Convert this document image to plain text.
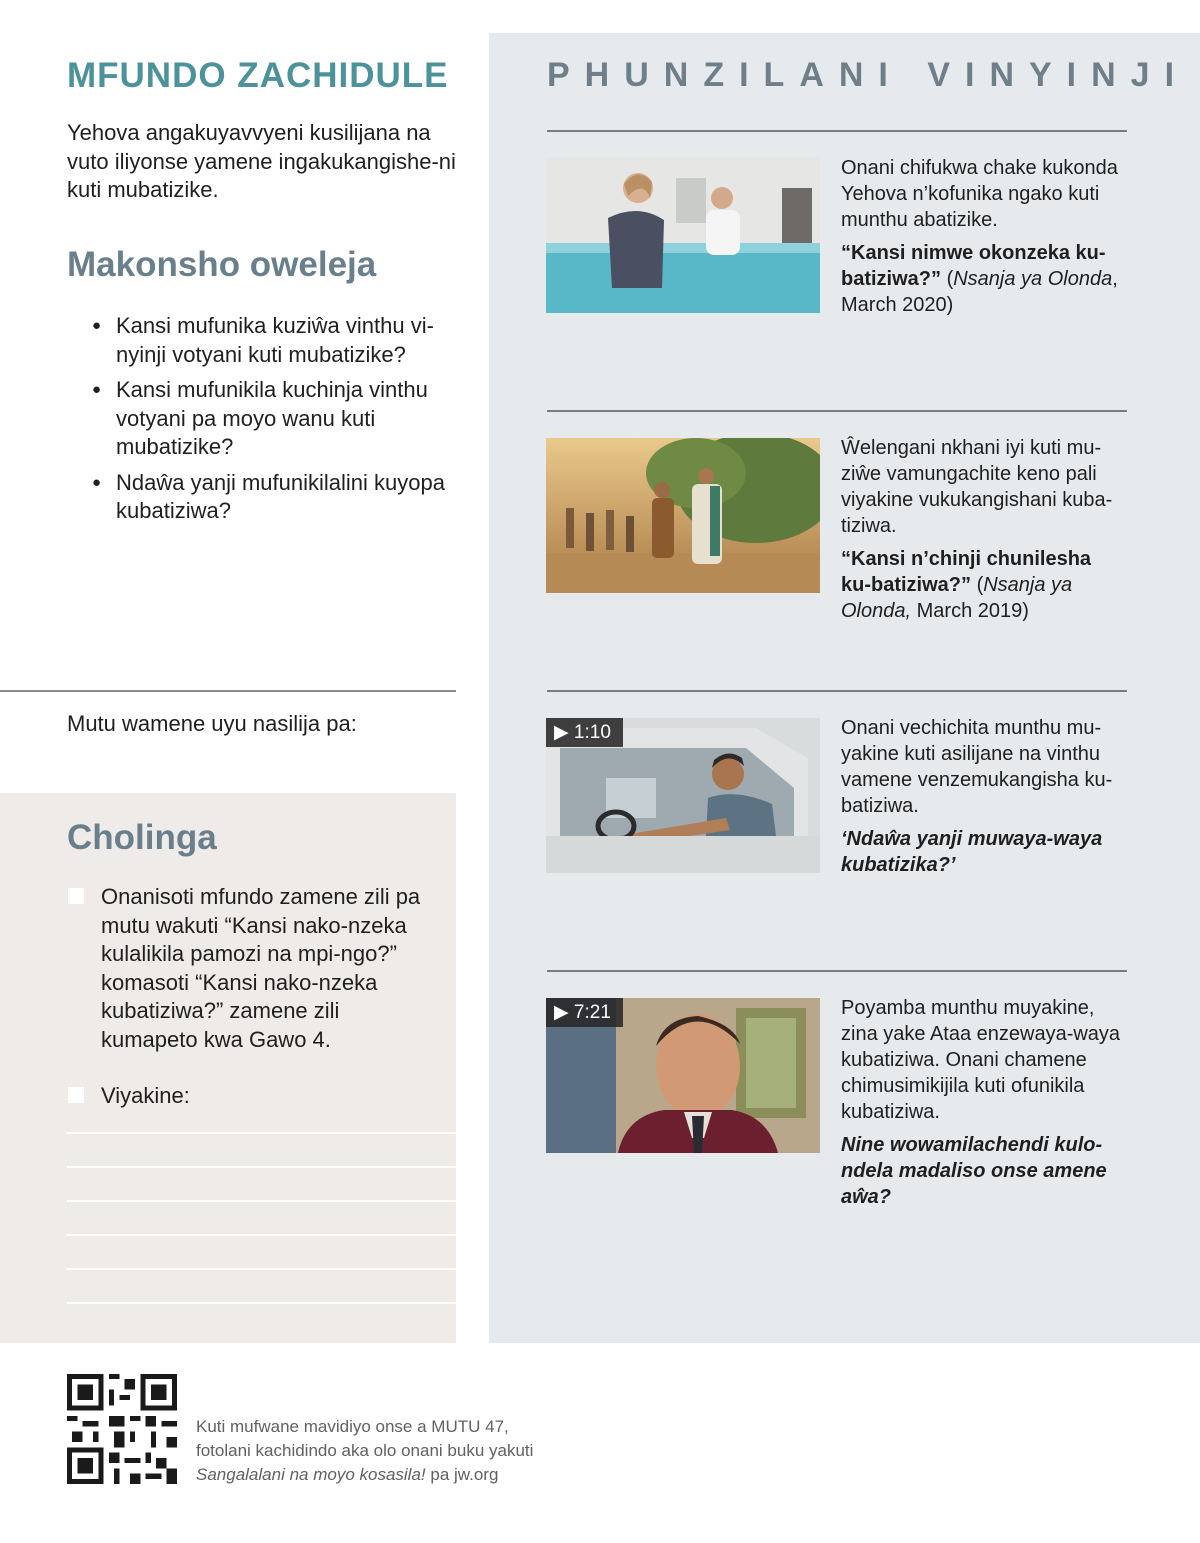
MFUNDO ZACHIDULE

Yehova angakuyavvyeni kusilijana na vuto iliyonse yamene ingakukangishe-ni kuti mubatizike.

Makonsho oweleja
● Kansi mufunika kuziŵa vinthu vi-nyinji votyani kuti mubatizike?
● Kansi mufunikila kuchinja vinthu votyani pa moyo wanu kuti mubatizike?
● Ndaŵa yanji mufunikilalini kuyopa kubatiziwa?

Mutu wamene uyu nasilija pa:

Cholinga
Onanisoti mfundo zamene zili pa mutu wakuti “Kansi nako-nzeka kulalikila pamozi na mpi-ngo?” komasoti “Kansi nako-nzeka kubatiziwa?” zamene zili kumapeto kwa Gawo 4.
Viyakine:
PHUNZILANI VINYINJI

Onani chifukwa chake kukonda Yehova n’kofunika ngako kuti munthu abatizike.

“Kansi nimwe okonzeka ku-batiziwa?” (Nsanja ya Olonda, March 2020)

Ŵelengani nkhani iyi kuti mu-ziŵe vamungachite keno pali viyakine vukukangishani kuba-tiziwa.

“Kansi n’chinji chunilesha ku-batiziwa?” (Nsanja ya Olonda, March 2019)

▶ 1:10	Onani vechichita munthu mu-yakine kuti asilijane na vinthu vamene venzemukangisha ku-batiziwa.

‘Ndaŵa yanji muwaya-waya kubatizika?’

▶ 7:21	Poyamba munthu muyakine, zina yake Ataa enzewaya-waya kubatiziwa. Onani chamene chimusimikijila kuti ofunikila kubatiziwa.

Nine wowamilachendi kulo-ndela madaliso onse amene aŵa?

Kuti mufwane mavidiyo onse a MUTU 47,
fotolani kachidindo aka olo onani buku yakuti
Sangalalani na moyo kosasila! pa jw.org
